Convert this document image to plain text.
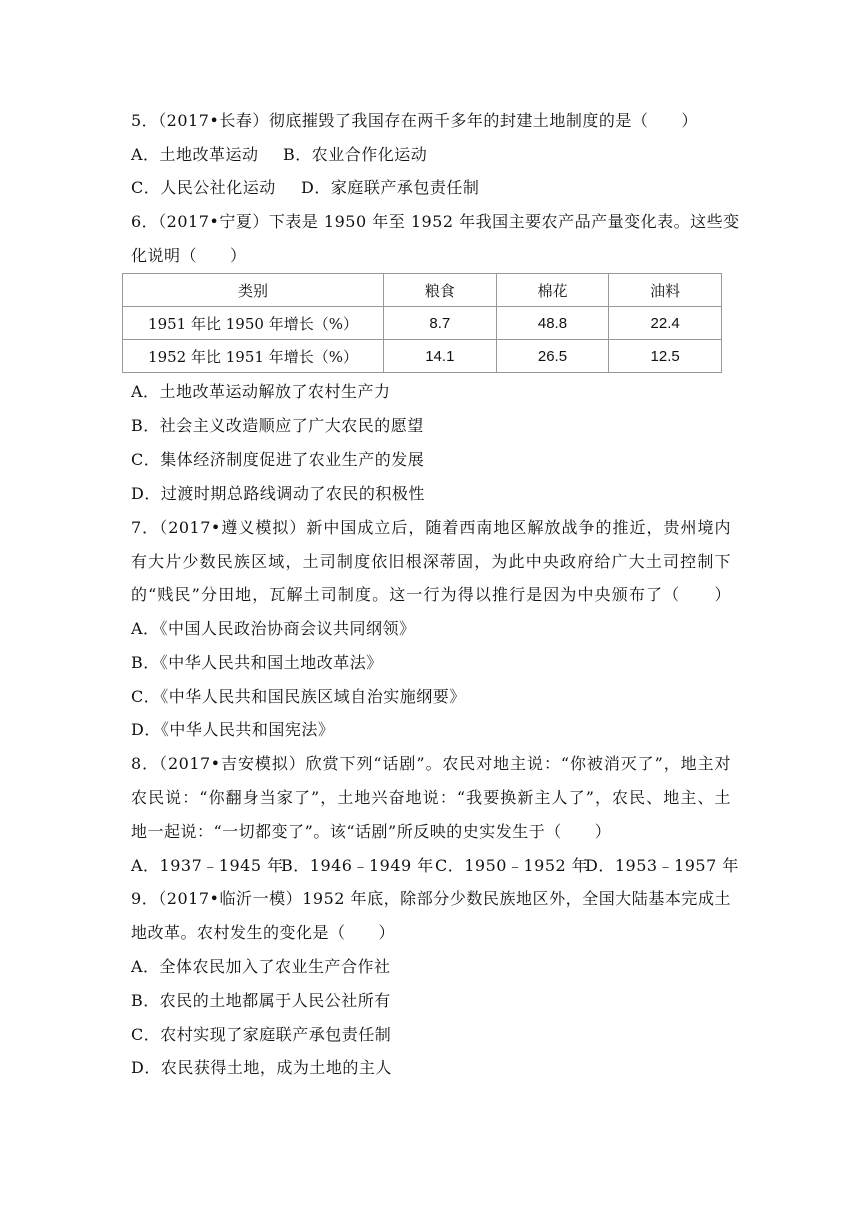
5．（2017•长春）彻底摧毁了我国存在两千多年的封建土地制度的是（　　）
A．土地改革运动 B．农业合作化运动
C．人民公社化运动 D．家庭联产承包责任制
6．（2017•宁夏）下表是 1950 年至 1952 年我国主要农产品产量变化表。这些变
化说明（　　）
类别	粮食	棉花	油料
1951 年比 1950 年增长（%）	8.7	48.8	22.4
1952 年比 1951 年增长（%）	14.1	26.5	12.5
A．土地改革运动解放了农村生产力
B．社会主义改造顺应了广大农民的愿望
C．集体经济制度促进了农业生产的发展
D．过渡时期总路线调动了农民的积极性
7．（2017•遵义模拟）新中国成立后，随着西南地区解放战争的推近，贵州境内
有大片少数民族区域，土司制度依旧根深蒂固，为此中央政府给广大土司控制下
的“贱民”分田地，瓦解土司制度。这一行为得以推行是因为中央颁布了（　　）
A．《中国人民政治协商会议共同纲领》
B．《中华人民共和国土地改革法》
C．《中华人民共和国民族区域自治实施纲要》
D．《中华人民共和国宪法》
8．（2017•吉安模拟）欣赏下列“话剧”。农民对地主说：“你被消灭了”，地主对
农民说：“你翻身当家了”，土地兴奋地说：“我要换新主人了”，农民、地主、土
地一起说：“一切都变了”。该“话剧”所反映的史实发生于（　　）
A．1937﹣1945 年B．1946﹣1949 年C．1950﹣1952 年D．1953﹣1957 年
9．（2017•临沂一模）1952 年底，除部分少数民族地区外，全国大陆基本完成土
地改革。农村发生的变化是（　　）
A．全体农民加入了农业生产合作社
B．农民的土地都属于人民公社所有
C．农村实现了家庭联产承包责任制
D．农民获得土地，成为土地的主人
